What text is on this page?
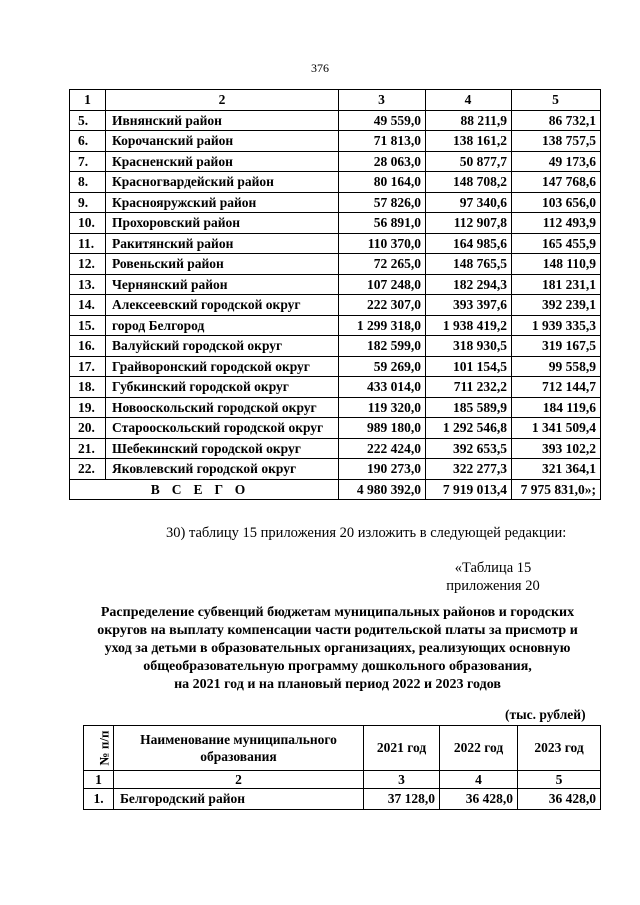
376
1	2	3	4	5
5.	Ивнянский район	49 559,0	88 211,9	86 732,1
6.	Корочанский район	71 813,0	138 161,2	138 757,5
7.	Красненский район	28 063,0	50 877,7	49 173,6
8.	Красногвардейский район	80 164,0	148 708,2	147 768,6
9.	Краснояружский район	57 826,0	97 340,6	103 656,0
10.	Прохоровский район	56 891,0	112 907,8	112 493,9
11.	Ракитянский район	110 370,0	164 985,6	165 455,9
12.	Ровеньский район	72 265,0	148 765,5	148 110,9
13.	Чернянский район	107 248,0	182 294,3	181 231,1
14.	Алексеевский городской округ	222 307,0	393 397,6	392 239,1
15.	город Белгород	1 299 318,0	1 938 419,2	1 939 335,3
16.	Валуйский городской округ	182 599,0	318 930,5	319 167,5
17.	Грайворонский городской округ	59 269,0	101 154,5	99 558,9
18.	Губкинский городской округ	433 014,0	711 232,2	712 144,7
19.	Новооскольский городской округ	119 320,0	185 589,9	184 119,6
20.	Старооскольский городской округ	989 180,0	1 292 546,8	1 341 509,4
21.	Шебекинский городской округ	222 424,0	392 653,5	393 102,2
22.	Яковлевский городской округ	190 273,0	322 277,3	321 364,1
ВСЕГО		4 980 392,0	7 919 013,4	7 975 831,0»;
30) таблицу 15 приложения 20 изложить в следующей редакции:
«Таблица 15
приложения 20
Распределение субвенций бюджетам муниципальных районов и городских
округов на выплату компенсации части родительской платы за присмотр и
уход за детьми в образовательных организациях, реализующих основную
общеобразовательную программу дошкольного образования,
на 2021 год и на плановый период 2022 и 2023 годов
(тыс. рублей)
№ п/п	Наименование муниципального образования	2021 год	2022 год	2023 год
1	2	3	4	5
1.	Белгородский район	37 128,0	36 428,0	36 428,0
